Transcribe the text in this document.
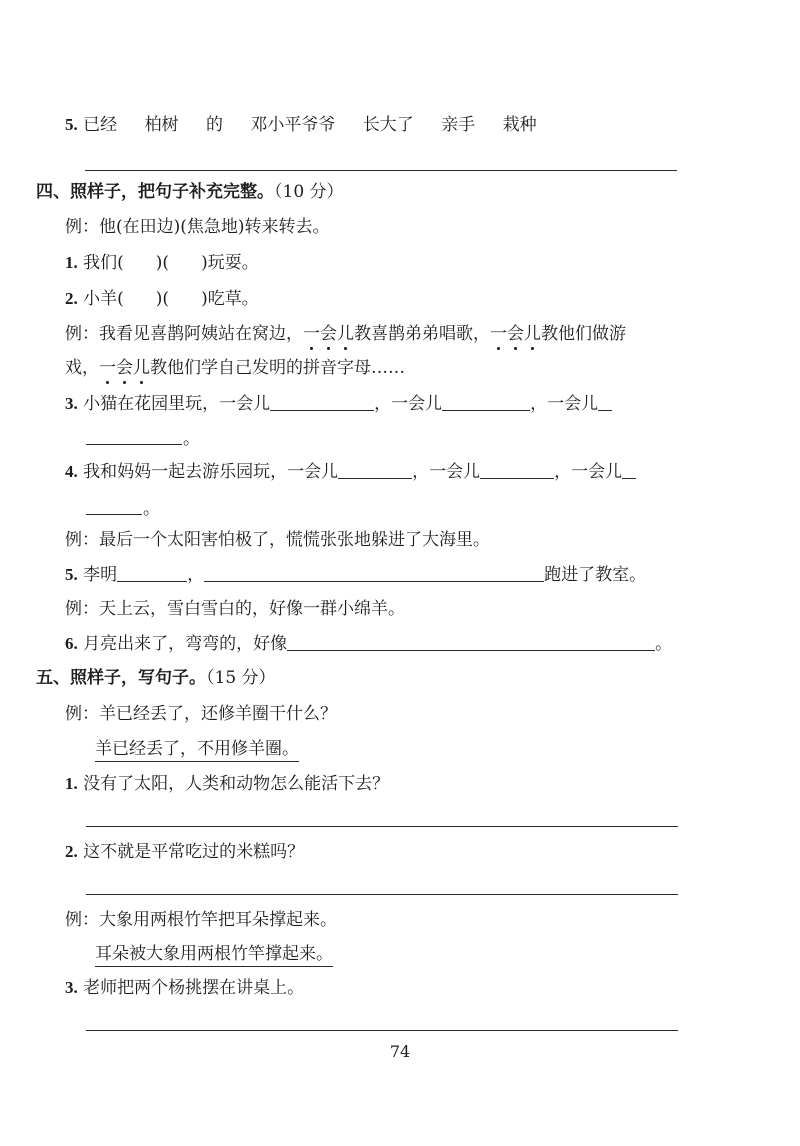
5. 已经 柏树 的 邓小平爷爷 长大了 亲手 栽种
四、照样子，把句子补充完整。（10 分）
例：他(在田边)(焦急地)转来转去。
1. 我们( )( )玩耍。
2. 小羊( )( )吃草。
例：我看见喜鹊阿姨站在窝边，一会儿教喜鹊弟弟唱歌，一会儿教他们做游
戏，一会儿教他们学自己发明的拼音字母……
3. 小猫在花园里玩，一会儿	，一会儿	，一会儿
。
4. 我和妈妈一起去游乐园玩，一会儿	，一会儿	，一会儿
。
例：最后一个太阳害怕极了，慌慌张张地躲进了大海里。
5. 李明	，	跑进了教室。
例：天上云，雪白雪白的，好像一群小绵羊。
6. 月亮出来了，弯弯的，好像	。
五、照样子，写句子。（15 分）
例：羊已经丢了，还修羊圈干什么？
羊已经丢了，不用修羊圈。
1. 没有了太阳，人类和动物怎么能活下去？
2. 这不就是平常吃过的米糕吗？
例：大象用两根竹竿把耳朵撑起来。
耳朵被大象用两根竹竿撑起来。
3. 老师把两个杨挑摆在讲桌上。
74
